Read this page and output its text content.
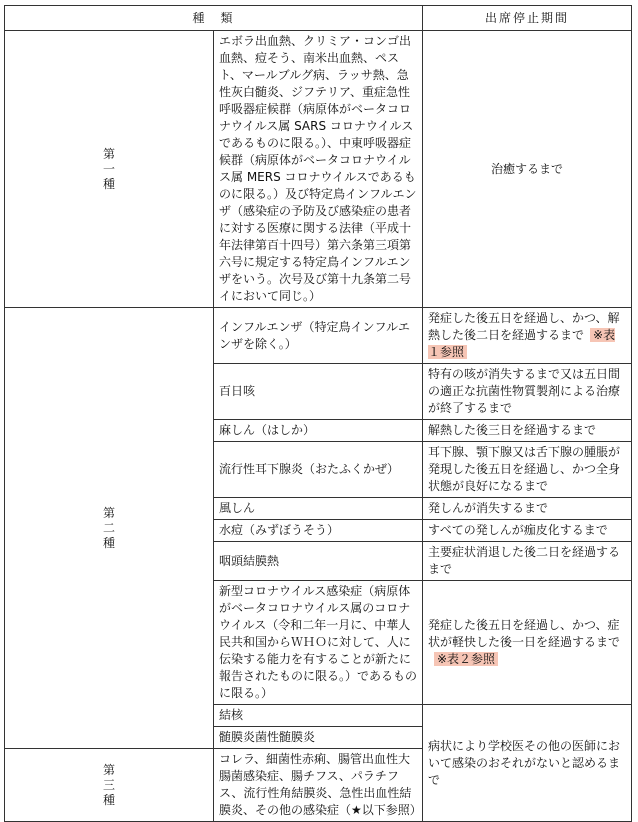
種　類		出席停止期間

第一種	エボラ出血熱、クリミア・コンゴ出血熱、痘そう、南米出血熱、ペスト、マールブルグ病、ラッサ熱、急性灰白髄炎、ジフテリア、重症急性呼吸器症候群（病原体がベータコロナウイルス属 SARS コロナウイルスであるものに限る。）、中東呼吸器症候群（病原体がベータコロナウイルス属 MERS コロナウイルスであるものに限る。）及び特定鳥インフルエンザ（感染症の予防及び感染症の患者に対する医療に関する法律（平成十年法律第百十四号）第六条第三項第六号に規定する特定鳥インフルエンザをいう。次号及び第十九条第二号イにおいて同じ。）	治癒するまで

第二種	インフルエンザ（特定鳥インフルエンザを除く。）	発症した後五日を経過し、かつ、解熱した後二日を経過するまで ※表１参照
	百日咳	特有の咳が消失するまで又は五日間の適正な抗菌性物質製剤による治療が終了するまで
	麻しん（はしか）	解熱した後三日を経過するまで
	流行性耳下腺炎（おたふくかぜ）	耳下腺、顎下腺又は舌下腺の腫脹が発現した後五日を経過し、かつ全身状態が良好になるまで
	風しん	発しんが消失するまで
	水痘（みずぼうそう）	すべての発しんが痂皮化するまで
	咽頭結膜熱	主要症状消退した後二日を経過するまで
	新型コロナウイルス感染症（病原体がベータコロナウイルス属のコロナウイルス（令和二年一月に、中華人民共和国からＷＨＯに対して、人に伝染する能力を有することが新たに報告されたものに限る。）であるものに限る。）	発症した後五日を経過し、かつ、症状が軽快した後一日を経過するまで※表２参照
	結核	病状により学校医その他の医師において感染のおそれがないと認めるまで
	髄膜炎菌性髄膜炎	

第三種	コレラ、細菌性赤痢、腸管出血性大腸菌感染症、腸チフス、パラチフス、流行性角結膜炎、急性出血性結膜炎、その他の感染症（★以下参照）	
